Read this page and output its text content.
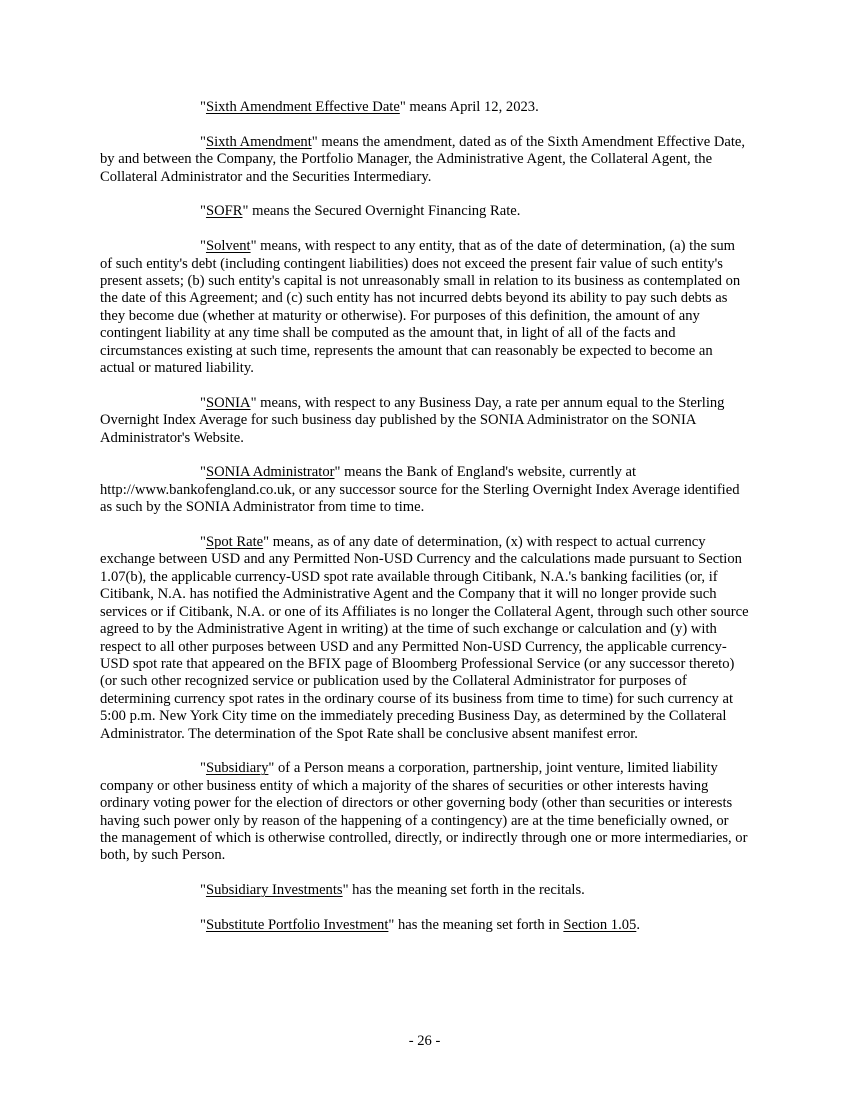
"Sixth Amendment Effective Date" means April 12, 2023.

"Sixth Amendment" means the amendment, dated as of the Sixth Amendment Effective Date, by and between the Company, the Portfolio Manager, the Administrative Agent, the Collateral Agent, the Collateral Administrator and the Securities Intermediary.

"SOFR" means the Secured Overnight Financing Rate.

"Solvent" means, with respect to any entity, that as of the date of determination, (a) the sum of such entity's debt (including contingent liabilities) does not exceed the present fair value of such entity's present assets; (b) such entity's capital is not unreasonably small in relation to its business as contemplated on the date of this Agreement; and (c) such entity has not incurred debts beyond its ability to pay such debts as they become due (whether at maturity or otherwise). For purposes of this definition, the amount of any contingent liability at any time shall be computed as the amount that, in light of all of the facts and circumstances existing at such time, represents the amount that can reasonably be expected to become an actual or matured liability.

"SONIA" means, with respect to any Business Day, a rate per annum equal to the Sterling Overnight Index Average for such business day published by the SONIA Administrator on the SONIA Administrator's Website.

"SONIA Administrator" means the Bank of England's website, currently at http://www.bankofengland.co.uk, or any successor source for the Sterling Overnight Index Average identified as such by the SONIA Administrator from time to time.

"Spot Rate" means, as of any date of determination, (x) with respect to actual currency exchange between USD and any Permitted Non-USD Currency and the calculations made pursuant to Section 1.07(b), the applicable currency-USD spot rate available through Citibank, N.A.'s banking facilities (or, if Citibank, N.A. has notified the Administrative Agent and the Company that it will no longer provide such services or if Citibank, N.A. or one of its Affiliates is no longer the Collateral Agent, through such other source agreed to by the Administrative Agent in writing) at the time of such exchange or calculation and (y) with respect to all other purposes between USD and any Permitted Non-USD Currency, the applicable currency-USD spot rate that appeared on the BFIX page of Bloomberg Professional Service (or any successor thereto) (or such other recognized service or publication used by the Collateral Administrator for purposes of determining currency spot rates in the ordinary course of its business from time to time) for such currency at 5:00 p.m. New York City time on the immediately preceding Business Day, as determined by the Collateral Administrator. The determination of the Spot Rate shall be conclusive absent manifest error.

"Subsidiary" of a Person means a corporation, partnership, joint venture, limited liability company or other business entity of which a majority of the shares of securities or other interests having ordinary voting power for the election of directors or other governing body (other than securities or interests having such power only by reason of the happening of a contingency) are at the time beneficially owned, or the management of which is otherwise controlled, directly, or indirectly through one or more intermediaries, or both, by such Person.

"Subsidiary Investments" has the meaning set forth in the recitals.

"Substitute Portfolio Investment" has the meaning set forth in Section 1.05.

- 26 -
